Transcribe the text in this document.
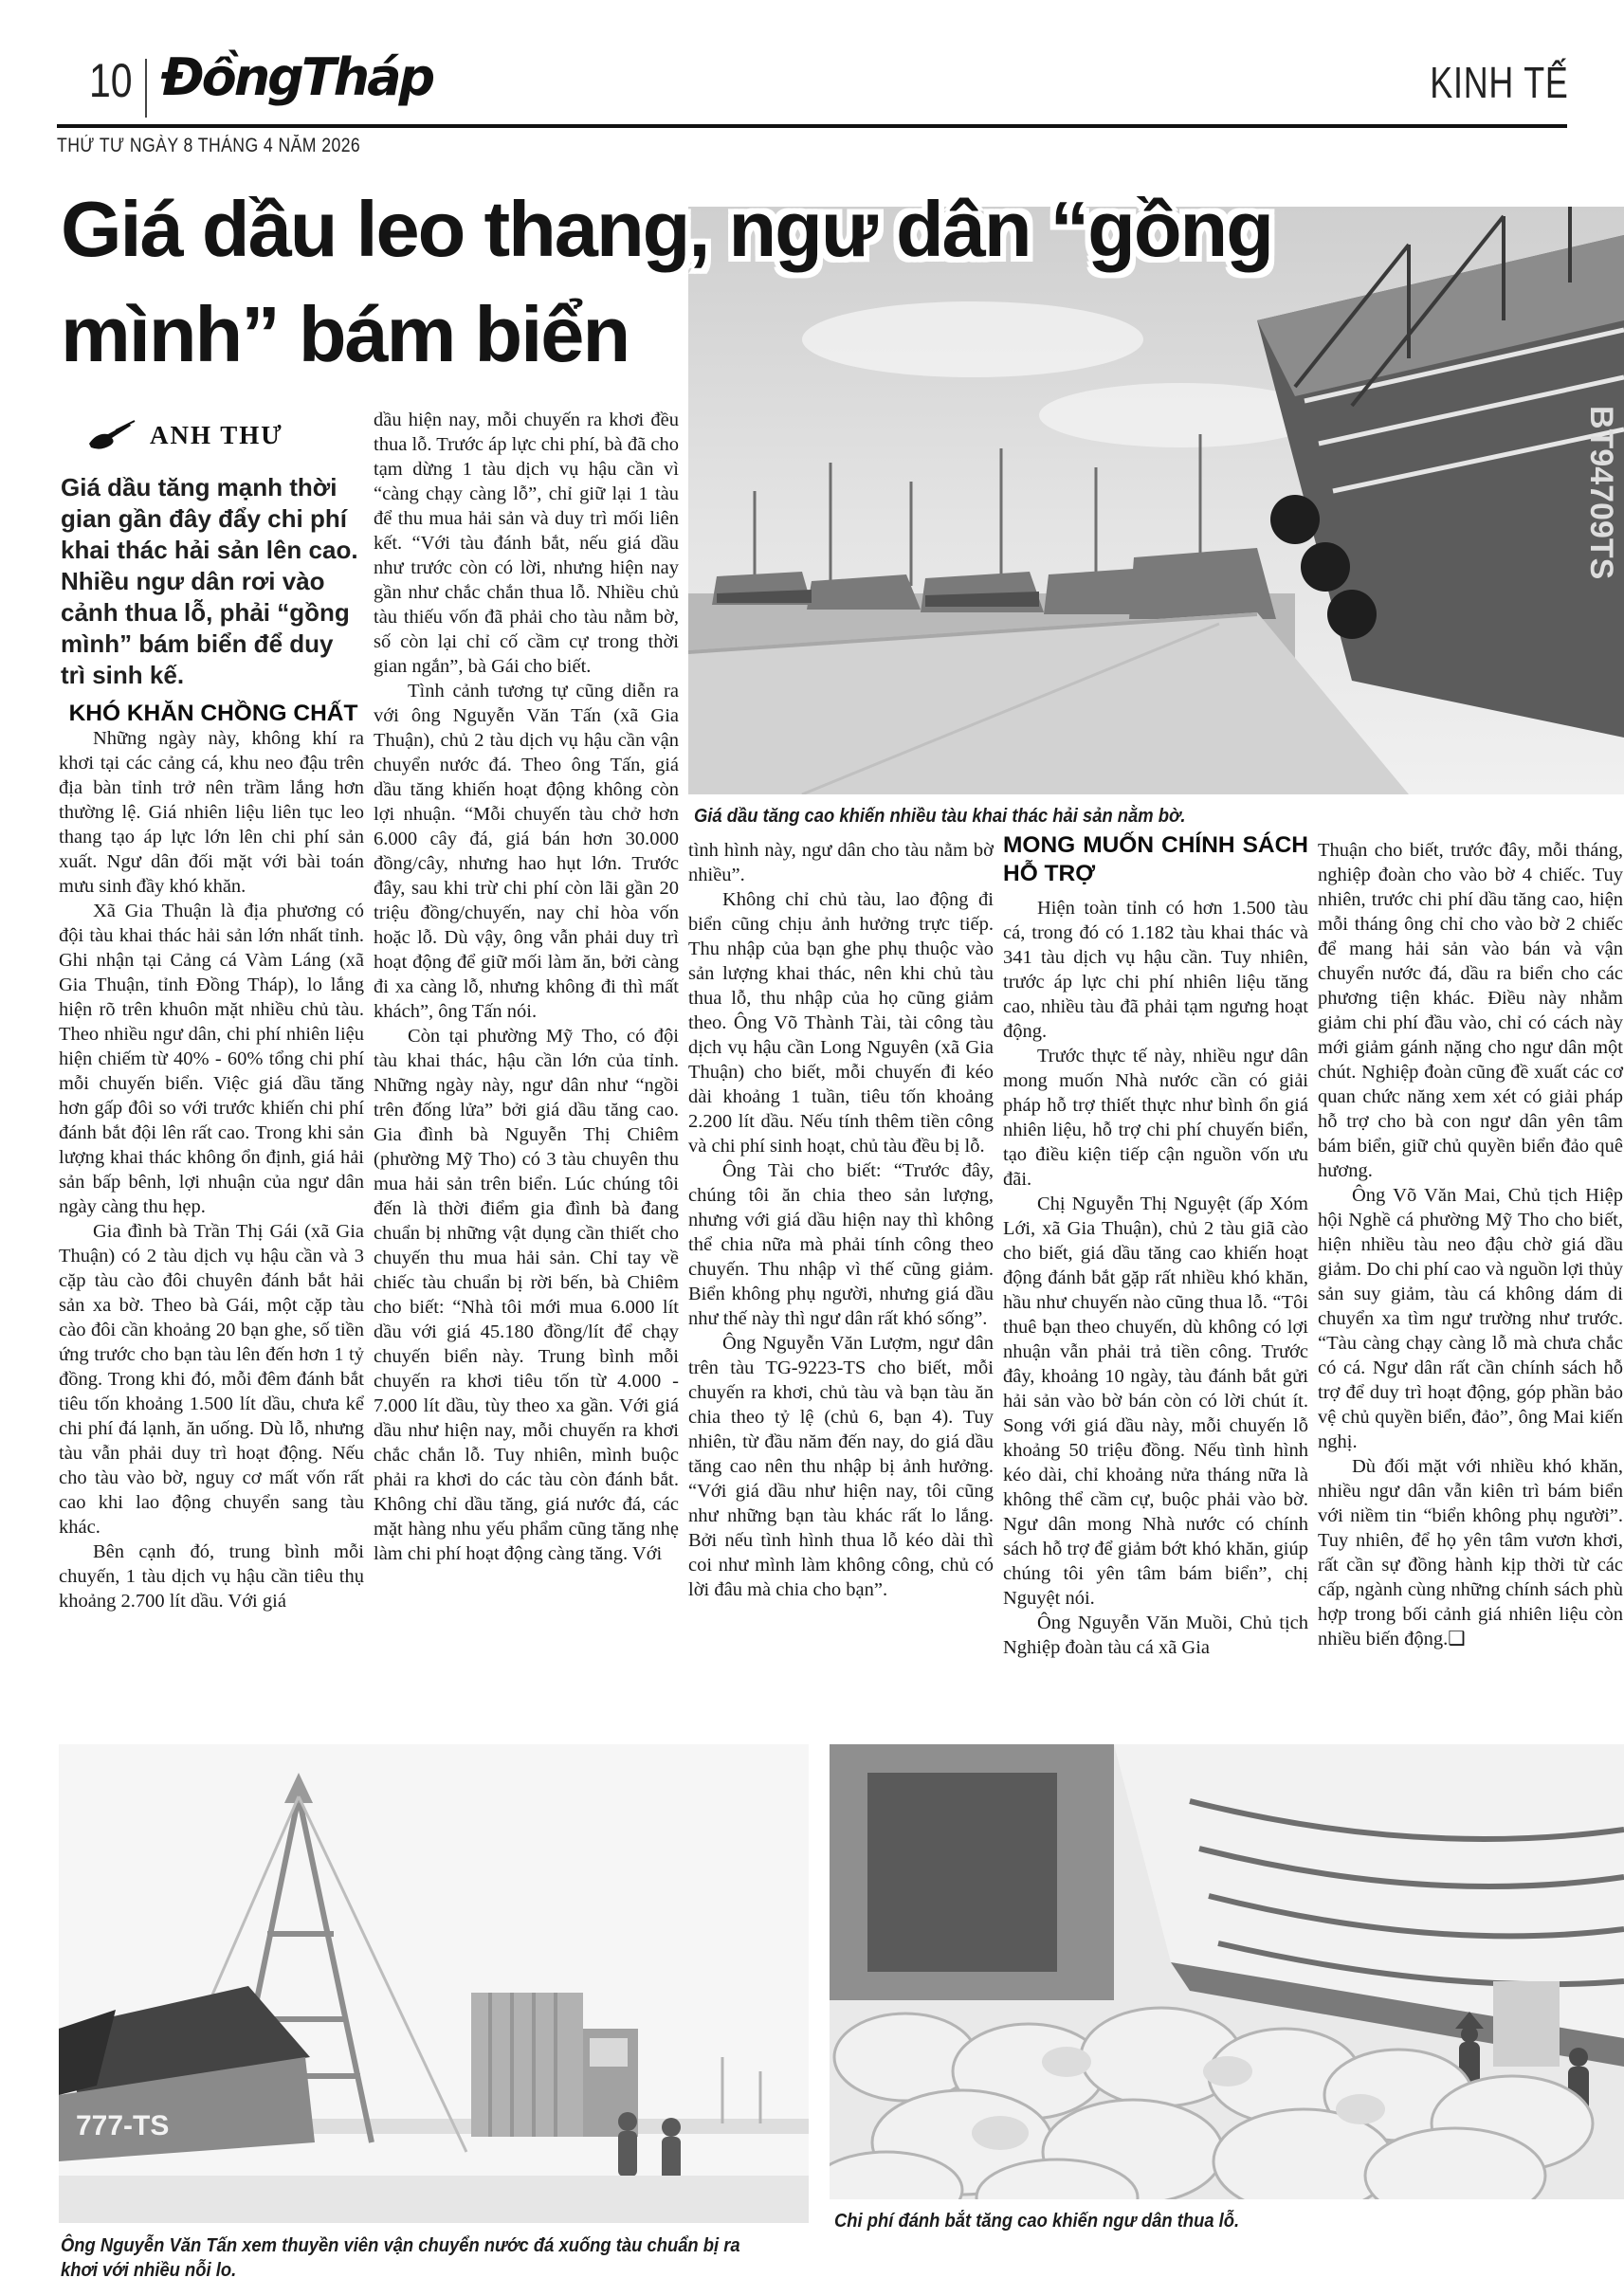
10 ĐồngTháp	KINH TẾ
THỨ TƯ NGÀY 8 THÁNG 4 NĂM 2026
BT94709TS
Giá dầu tăng cao khiến nhiều tàu khai thác hải sản nằm bờ.
Giá dầu leo thang, ngư dân “gồng mình” bám biển
ANH THƯ
Giá dầu tăng mạnh thời gian gần đây đẩy chi phí khai thác hải sản lên cao. Nhiều ngư dân rơi vào cảnh thua lỗ, phải “gồng mình” bám biển để duy trì sinh kế.
KHÓ KHĂN CHỒNG CHẤT

Những ngày này, không khí ra khơi tại các cảng cá, khu neo đậu trên địa bàn tỉnh trở nên trầm lắng hơn thường lệ. Giá nhiên liệu liên tục leo thang tạo áp lực lớn lên chi phí sản xuất. Ngư dân đối mặt với bài toán mưu sinh đầy khó khăn.

Xã Gia Thuận là địa phương có đội tàu khai thác hải sản lớn nhất tỉnh. Ghi nhận tại Cảng cá Vàm Láng (xã Gia Thuận, tỉnh Đồng Tháp), lo lắng hiện rõ trên khuôn mặt nhiều chủ tàu. Theo nhiều ngư dân, chi phí nhiên liệu hiện chiếm từ 40% - 60% tổng chi phí mỗi chuyến biển. Việc giá dầu tăng hơn gấp đôi so với trước khiến chi phí đánh bắt đội lên rất cao. Trong khi sản lượng khai thác không ổn định, giá hải sản bấp bênh, lợi nhuận của ngư dân ngày càng thu hẹp.

Gia đình bà Trần Thị Gái (xã Gia Thuận) có 2 tàu dịch vụ hậu cần và 3 cặp tàu cào đôi chuyên đánh bắt hải sản xa bờ. Theo bà Gái, một cặp tàu cào đôi cần khoảng 20 bạn ghe, số tiền ứng trước cho bạn tàu lên đến hơn 1 tỷ đồng. Trong khi đó, mỗi đêm đánh bắt tiêu tốn khoảng 1.500 lít dầu, chưa kể chi phí đá lạnh, ăn uống. Dù lỗ, nhưng tàu vẫn phải duy trì hoạt động. Nếu cho tàu vào bờ, nguy cơ mất vốn rất cao khi lao động chuyển sang tàu khác.

Bên cạnh đó, trung bình mỗi chuyến, 1 tàu dịch vụ hậu cần tiêu thụ khoảng 2.700 lít dầu. Với giá

dầu hiện nay, mỗi chuyến ra khơi đều thua lỗ. Trước áp lực chi phí, bà đã cho tạm dừng 1 tàu dịch vụ hậu cần vì “càng chạy càng lỗ”, chỉ giữ lại 1 tàu để thu mua hải sản và duy trì mối liên kết. “Với tàu đánh bắt, nếu giá dầu như trước còn có lời, nhưng hiện nay gần như chắc chắn thua lỗ. Nhiều chủ tàu thiếu vốn đã phải cho tàu nằm bờ, số còn lại chỉ cố cầm cự trong thời gian ngắn”, bà Gái cho biết.

Tình cảnh tương tự cũng diễn ra với ông Nguyễn Văn Tấn (xã Gia Thuận), chủ 2 tàu dịch vụ hậu cần vận chuyển nước đá. Theo ông Tấn, giá dầu tăng khiến hoạt động không còn lợi nhuận. “Mỗi chuyến tàu chở hơn 6.000 cây đá, giá bán hơn 30.000 đồng/cây, nhưng hao hụt lớn. Trước đây, sau khi trừ chi phí còn lãi gần 20 triệu đồng/chuyến, nay chỉ hòa vốn hoặc lỗ. Dù vậy, ông vẫn phải duy trì hoạt động để giữ mối làm ăn, bởi càng đi xa càng lỗ, nhưng không đi thì mất khách”, ông Tấn nói.

Còn tại phường Mỹ Tho, có đội tàu khai thác, hậu cần lớn của tỉnh. Những ngày này, ngư dân như “ngồi trên đống lửa” bởi giá dầu tăng cao. Gia đình bà Nguyễn Thị Chiêm (phường Mỹ Tho) có 3 tàu chuyên thu mua hải sản trên biển. Lúc chúng tôi đến là thời điểm gia đình bà đang chuẩn bị những vật dụng cần thiết cho chuyến thu mua hải sản. Chỉ tay về chiếc tàu chuẩn bị rời bến, bà Chiêm cho biết: “Nhà tôi mới mua 6.000 lít dầu với giá 45.180 đồng/lít để chạy chuyến biển này. Trung bình mỗi chuyến ra khơi tiêu tốn từ 4.000 - 7.000 lít dầu, tùy theo xa gần. Với giá dầu như hiện nay, mỗi chuyến ra khơi chắc chắn lỗ. Tuy nhiên, mình buộc phải ra khơi do các tàu còn đánh bắt. Không chỉ dầu tăng, giá nước đá, các mặt hàng nhu yếu phẩm cũng tăng nhẹ làm chi phí hoạt động càng tăng. Với

tình hình này, ngư dân cho tàu nằm bờ nhiều”.

Không chỉ chủ tàu, lao động đi biển cũng chịu ảnh hưởng trực tiếp. Thu nhập của bạn ghe phụ thuộc vào sản lượng khai thác, nên khi chủ tàu thua lỗ, thu nhập của họ cũng giảm theo. Ông Võ Thành Tài, tài công tàu dịch vụ hậu cần Long Nguyên (xã Gia Thuận) cho biết, mỗi chuyến đi kéo dài khoảng 1 tuần, tiêu tốn khoảng 2.200 lít dầu. Nếu tính thêm tiền công và chi phí sinh hoạt, chủ tàu đều bị lỗ.

Ông Tài cho biết: “Trước đây, chúng tôi ăn chia theo sản lượng, nhưng với giá dầu hiện nay thì không thể chia nữa mà phải tính công theo chuyến. Thu nhập vì thế cũng giảm. Biển không phụ người, nhưng giá dầu như thế này thì ngư dân rất khó sống”.

Ông Nguyễn Văn Lượm, ngư dân trên tàu TG-9223-TS cho biết, mỗi chuyến ra khơi, chủ tàu và bạn tàu ăn chia theo tỷ lệ (chủ 6, bạn 4). Tuy nhiên, từ đầu năm đến nay, do giá dầu tăng cao nên thu nhập bị ảnh hưởng. “Với giá dầu như hiện nay, tôi cũng như những bạn tàu khác rất lo lắng. Bởi nếu tình hình thua lỗ kéo dài thì coi như mình làm không công, chủ có lời đâu mà chia cho bạn”.

MONG MUỐN CHÍNH SÁCH HỖ TRỢ

Hiện toàn tỉnh có hơn 1.500 tàu cá, trong đó có 1.182 tàu khai thác và 341 tàu dịch vụ hậu cần. Tuy nhiên, trước áp lực chi phí nhiên liệu tăng cao, nhiều tàu đã phải tạm ngưng hoạt động.

Trước thực tế này, nhiều ngư dân mong muốn Nhà nước cần có giải pháp hỗ trợ thiết thực như bình ổn giá nhiên liệu, hỗ trợ chi phí chuyến biển, tạo điều kiện tiếp cận nguồn vốn ưu đãi.

Chị Nguyễn Thị Nguyệt (ấp Xóm Lới, xã Gia Thuận), chủ 2 tàu giã cào cho biết, giá dầu tăng cao khiến hoạt động đánh bắt gặp rất nhiều khó khăn, hầu như chuyến nào cũng thua lỗ. “Tôi thuê bạn theo chuyến, dù không có lợi nhuận vẫn phải trả tiền công. Trước đây, khoảng 10 ngày, tàu đánh bắt gửi hải sản vào bờ bán còn có lời chút ít. Song với giá dầu này, mỗi chuyến lỗ khoảng 50 triệu đồng. Nếu tình hình kéo dài, chỉ khoảng nửa tháng nữa là không thể cầm cự, buộc phải vào bờ. Ngư dân mong Nhà nước có chính sách hỗ trợ để giảm bớt khó khăn, giúp chúng tôi yên tâm bám biển”, chị Nguyệt nói.

Ông Nguyễn Văn Muồi, Chủ tịch Nghiệp đoàn tàu cá xã Gia

Thuận cho biết, trước đây, mỗi tháng, nghiệp đoàn cho vào bờ 4 chiếc. Tuy nhiên, trước chi phí dầu tăng cao, hiện mỗi tháng ông chỉ cho vào bờ 2 chiếc để mang hải sản vào bán và vận chuyển nước đá, dầu ra biển cho các phương tiện khác. Điều này nhằm giảm chi phí đầu vào, chỉ có cách này mới giảm gánh nặng cho ngư dân một chút. Nghiệp đoàn cũng đề xuất các cơ quan chức năng xem xét có giải pháp hỗ trợ cho bà con ngư dân yên tâm bám biển, giữ chủ quyền biển đảo quê hương.

Ông Võ Văn Mai, Chủ tịch Hiệp hội Nghề cá phường Mỹ Tho cho biết, hiện nhiều tàu neo đậu chờ giá dầu giảm. Do chi phí cao và nguồn lợi thủy sản suy giảm, tàu cá không dám di chuyển xa tìm ngư trường như trước. “Tàu càng chạy càng lỗ mà chưa chắc có cá. Ngư dân rất cần chính sách hỗ trợ để duy trì hoạt động, góp phần bảo vệ chủ quyền biển, đảo”, ông Mai kiến nghị.

Dù đối mặt với nhiều khó khăn, nhiều ngư dân vẫn kiên trì bám biển với niềm tin “biển không phụ người”. Tuy nhiên, để họ yên tâm vươn khơi, rất cần sự đồng hành kịp thời từ các cấp, ngành cùng những chính sách phù hợp trong bối cảnh giá nhiên liệu còn nhiều biến động.❑

777-TS
Ông Nguyễn Văn Tấn xem thuyền viên vận chuyển nước đá xuống tàu chuẩn bị ra khơi với nhiều nỗi lo.
Chi phí đánh bắt tăng cao khiến ngư dân thua lỗ.
